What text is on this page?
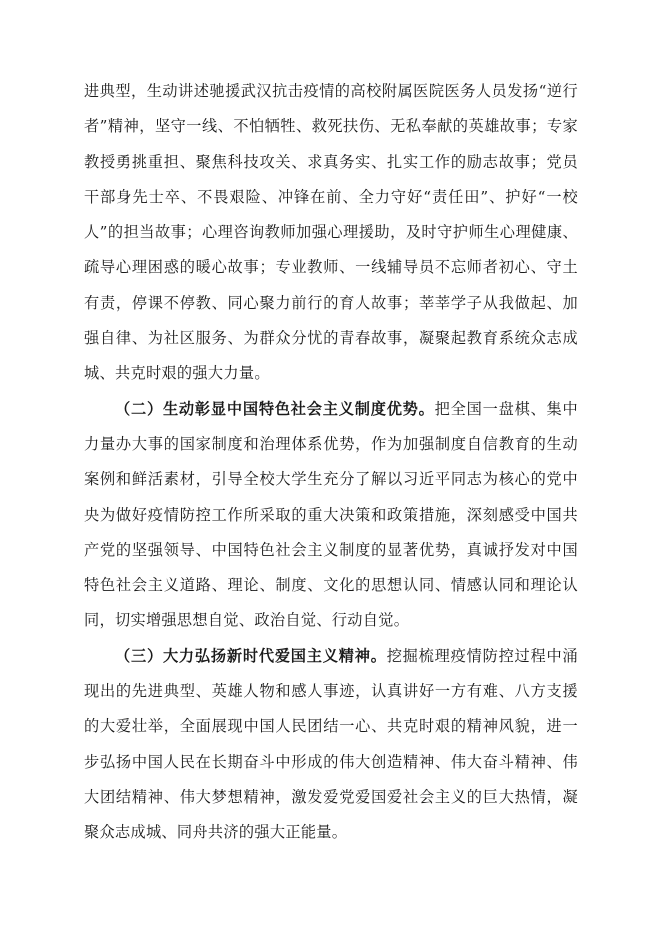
进典型，生动讲述驰援武汉抗击疫情的高校附属医院医务人员发扬“逆行者”精神，坚守一线、不怕牺牲、救死扶伤、无私奉献的英雄故事；专家教授勇挑重担、聚焦科技攻关、求真务实、扎实工作的励志故事；党员干部身先士卒、不畏艰险、冲锋在前、全力守好“责任田”、护好“一校人”的担当故事；心理咨询教师加强心理援助，及时守护师生心理健康、疏导心理困惑的暖心故事；专业教师、一线辅导员不忘师者初心、守土有责，停课不停教、同心聚力前行的育人故事；莘莘学子从我做起、加强自律、为社区服务、为群众分忧的青春故事，凝聚起教育系统众志成城、共克时艰的强大力量。

（二）生动彰显中国特色社会主义制度优势。把全国一盘棋、集中力量办大事的国家制度和治理体系优势，作为加强制度自信教育的生动案例和鲜活素材，引导全校大学生充分了解以习近平同志为核心的党中央为做好疫情防控工作所采取的重大决策和政策措施，深刻感受中国共产党的坚强领导、中国特色社会主义制度的显著优势，真诚抒发对中国特色社会主义道路、理论、制度、文化的思想认同、情感认同和理论认同，切实增强思想自觉、政治自觉、行动自觉。

（三）大力弘扬新时代爱国主义精神。挖掘梳理疫情防控过程中涌现出的先进典型、英雄人物和感人事迹，认真讲好一方有难、八方支援的大爱壮举，全面展现中国人民团结一心、共克时艰的精神风貌，进一步弘扬中国人民在长期奋斗中形成的伟大创造精神、伟大奋斗精神、伟大团结精神、伟大梦想精神，激发爱党爱国爱社会主义的巨大热情，凝聚众志成城、同舟共济的强大正能量。
